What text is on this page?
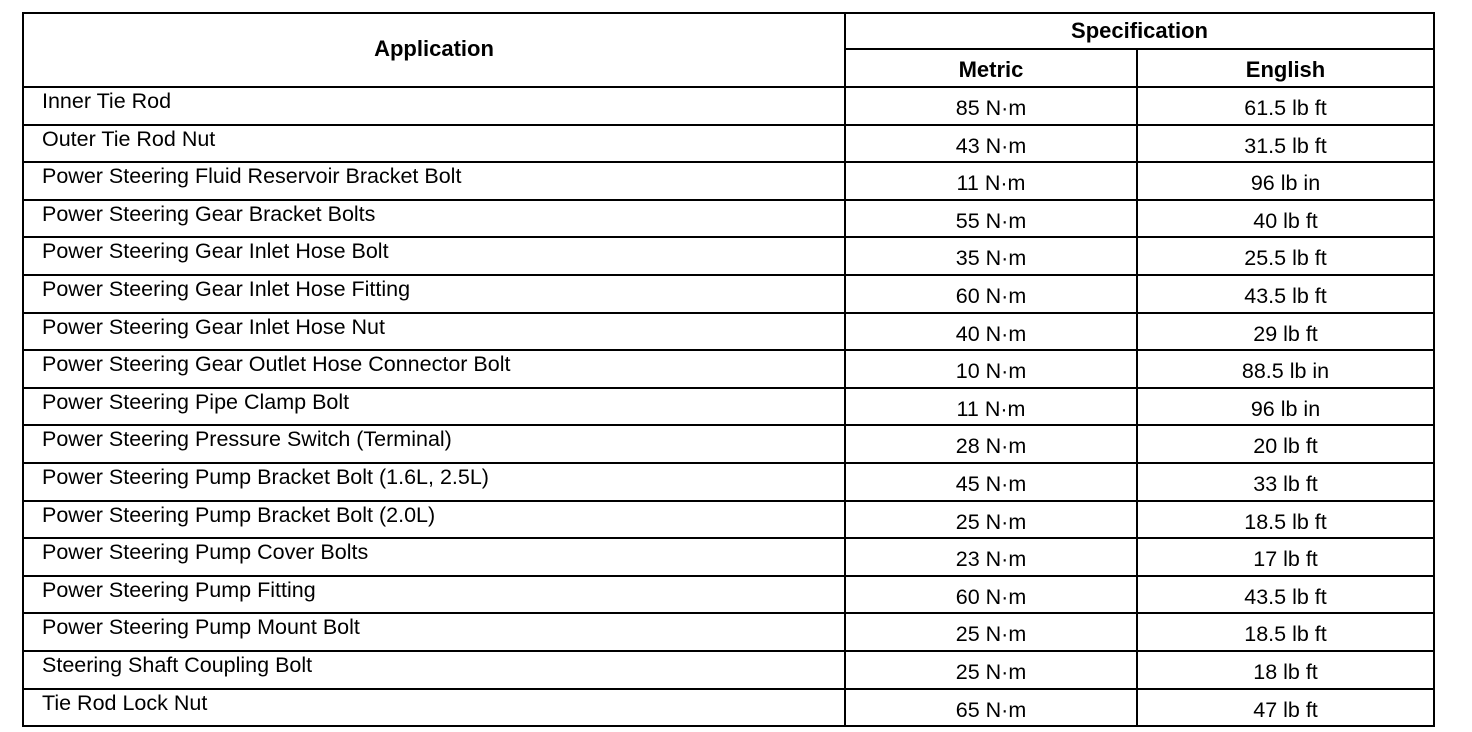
Application	Specification	
	Metric	English
Inner Tie Rod	85 N·m	61.5 lb ft
Outer Tie Rod Nut	43 N·m	31.5 lb ft
Power Steering Fluid Reservoir Bracket Bolt	11 N·m	96 lb in
Power Steering Gear Bracket Bolts	55 N·m	40 lb ft
Power Steering Gear Inlet Hose Bolt	35 N·m	25.5 lb ft
Power Steering Gear Inlet Hose Fitting	60 N·m	43.5 lb ft
Power Steering Gear Inlet Hose Nut	40 N·m	29 lb ft
Power Steering Gear Outlet Hose Connector Bolt	10 N·m	88.5 lb in
Power Steering Pipe Clamp Bolt	11 N·m	96 lb in
Power Steering Pressure Switch (Terminal)	28 N·m	20 lb ft
Power Steering Pump Bracket Bolt (1.6L, 2.5L)	45 N·m	33 lb ft
Power Steering Pump Bracket Bolt (2.0L)	25 N·m	18.5 lb ft
Power Steering Pump Cover Bolts	23 N·m	17 lb ft
Power Steering Pump Fitting	60 N·m	43.5 lb ft
Power Steering Pump Mount Bolt	25 N·m	18.5 lb ft
Steering Shaft Coupling Bolt	25 N·m	18 lb ft
Tie Rod Lock Nut	65 N·m	47 lb ft
